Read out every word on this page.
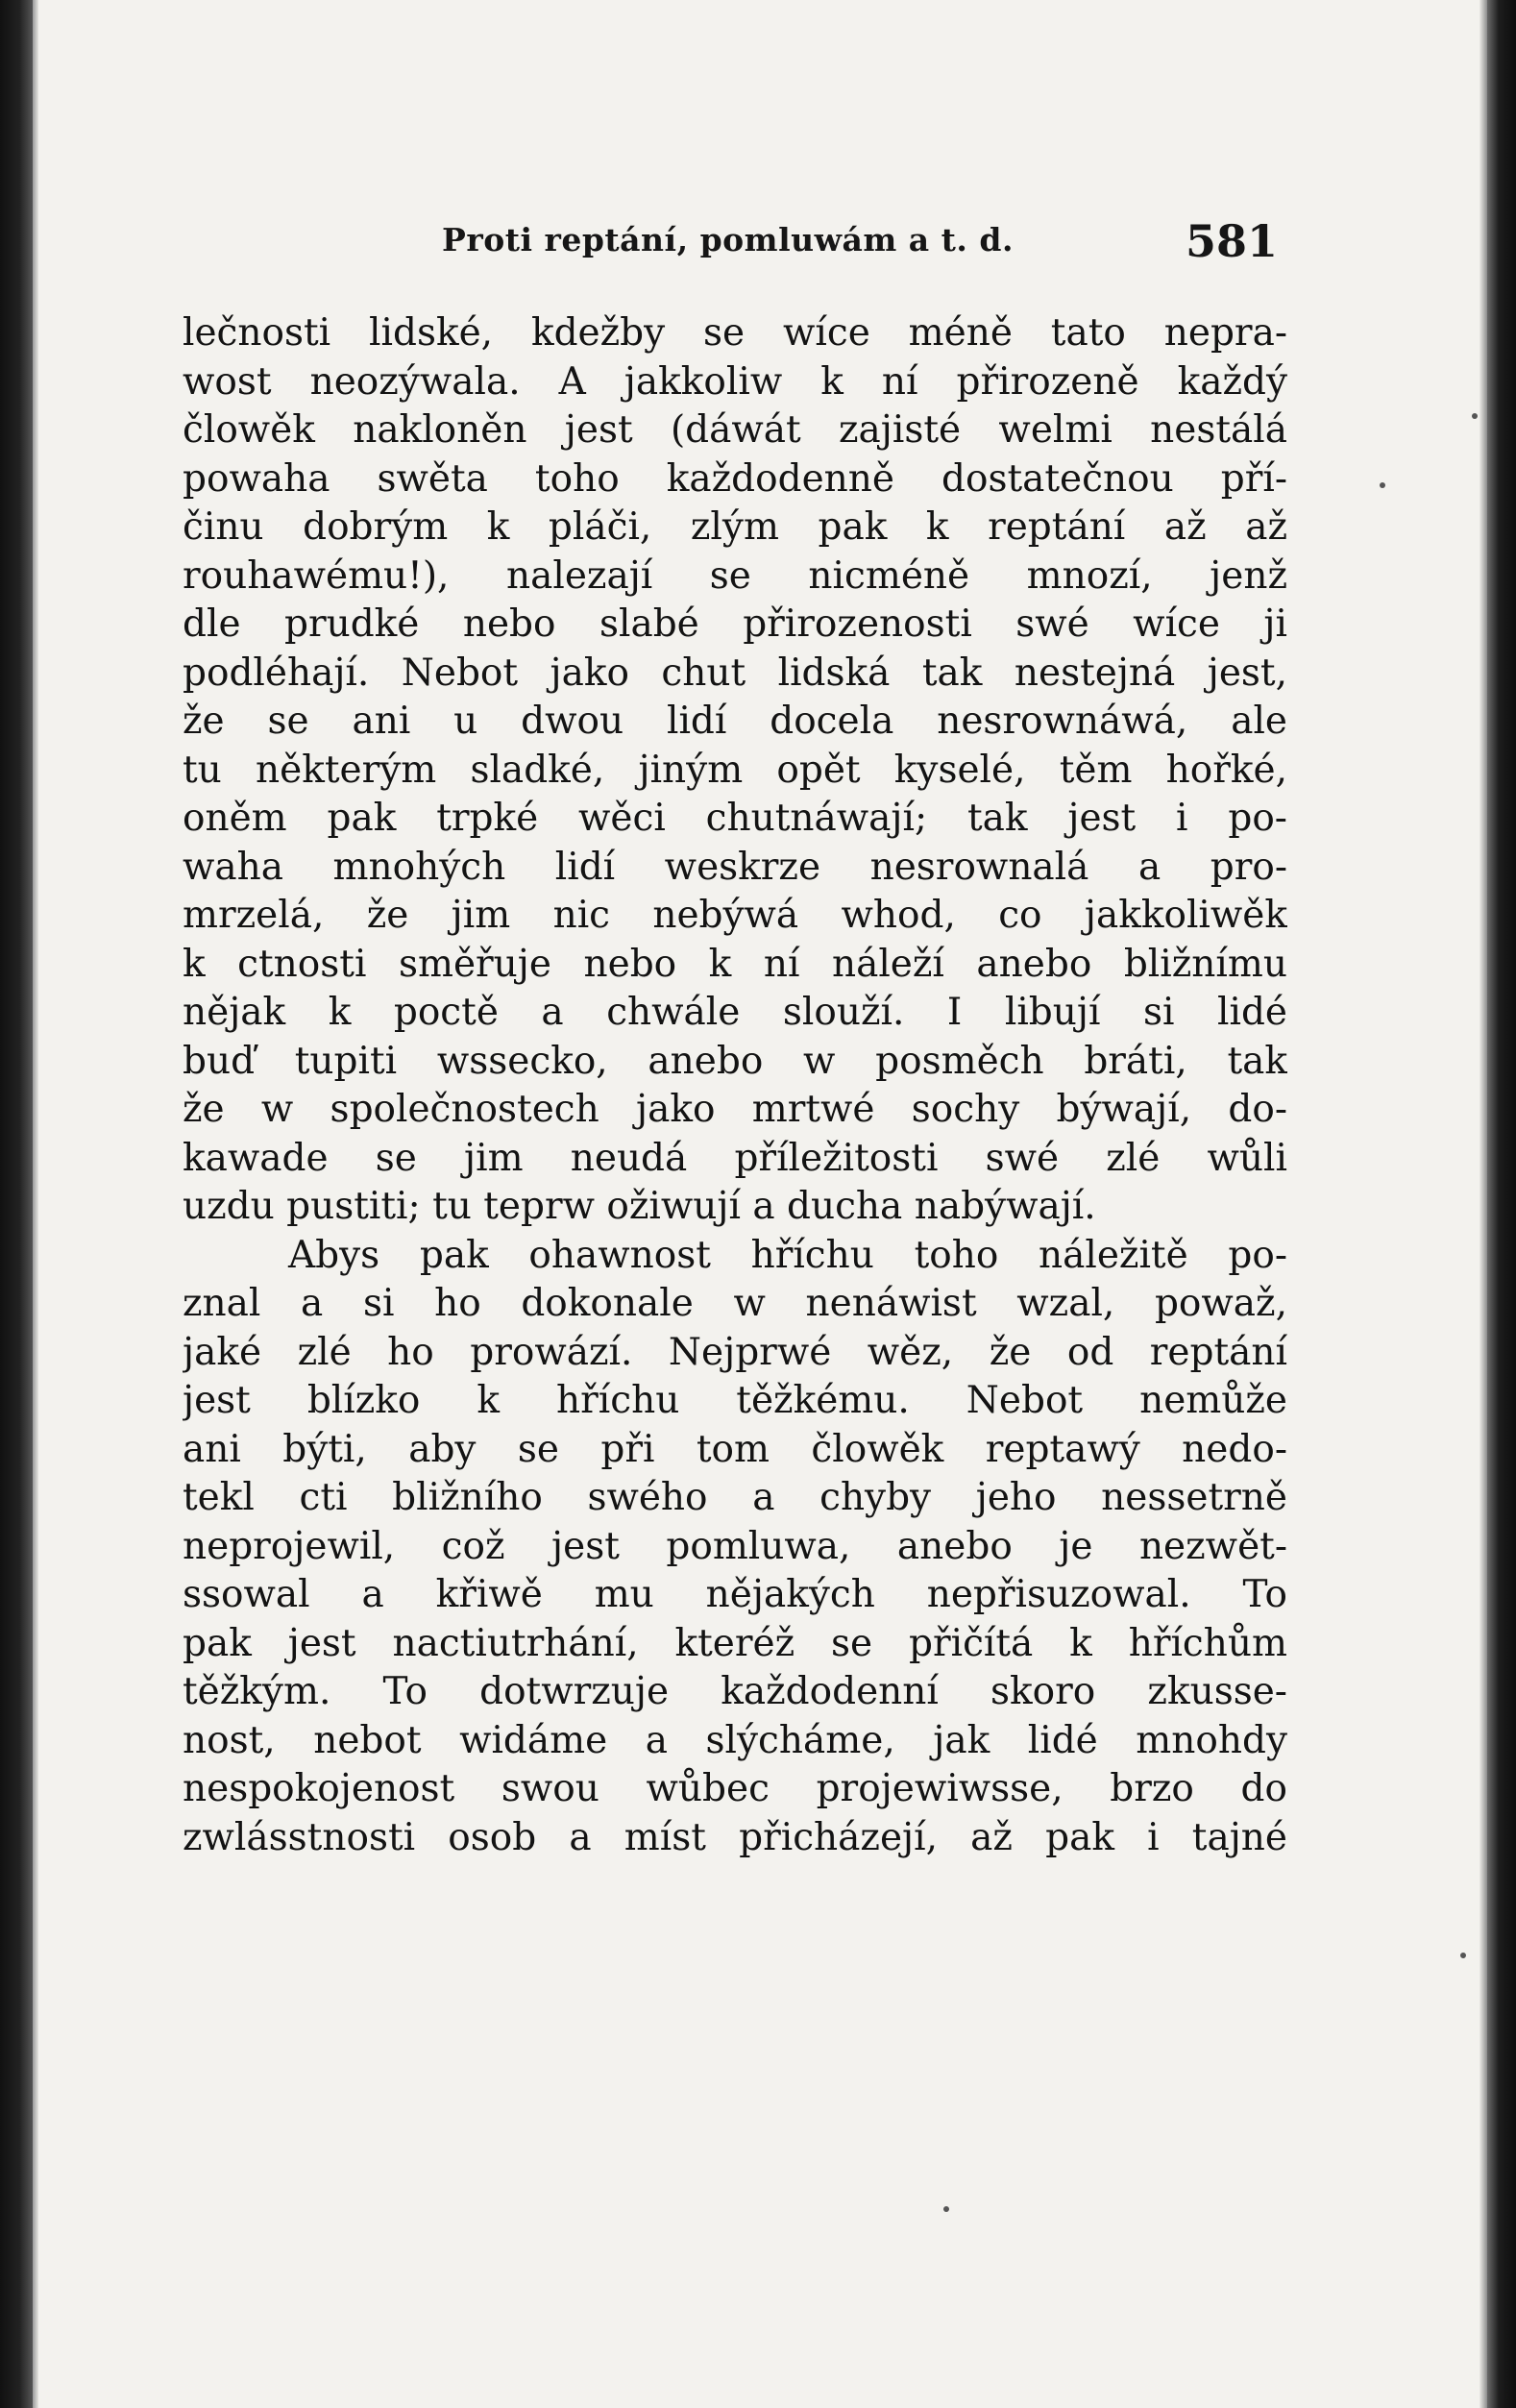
Proti reptání, pomluwám a t. d.	581
lečnosti lidské, kdežby se wíce méně tato nepra-
wost neozýwala. A jakkoliw k ní přirozeně každý
člowěk nakloněn jest (dáwát zajisté welmi nestálá
powaha swěta toho každodenně dostatečnou pří-
činu dobrým k pláči, zlým pak k reptání až až
rouhawému!), nalezají se nicméně mnozí, jenž
dle prudké nebo slabé přirozenosti swé wíce ji
podléhají. Nebot jako chut lidská tak nestejná jest,
že se ani u dwou lidí docela nesrownáwá, ale
tu některým sladké, jiným opět kyselé, těm hořké,
oněm pak trpké wěci chutnáwají; tak jest i po-
waha mnohých lidí weskrze nesrownalá a pro-
mrzelá, že jim nic nebýwá whod, co jakkoliwěk
k ctnosti směřuje nebo k ní náleží anebo bližnímu
nějak k poctě a chwále slouží. I libují si lidé
buď tupiti wssecko, anebo w posměch bráti, tak
že w společnostech jako mrtwé sochy býwají, do-
kawade se jim neudá příležitosti swé zlé wůli
uzdu pustiti; tu teprw ožiwují a ducha nabýwají.
Abys pak ohawnost hříchu toho náležitě po-
znal a si ho dokonale w nenáwist wzal, powaž,
jaké zlé ho prowází. Nejprwé wěz, že od reptání
jest blízko k hříchu těžkému. Nebot nemůže
ani býti, aby se při tom člowěk reptawý nedo-
tekl cti bližního swého a chyby jeho nessetrně
neprojewil, což jest pomluwa, anebo je nezwět-
ssowal a křiwě mu nějakých nepřisuzowal. To
pak jest nactiutrhání, kteréž se přičítá k hříchům
těžkým. To dotwrzuje každodenní skoro zkusse-
nost, nebot widáme a slýcháme, jak lidé mnohdy
nespokojenost swou wůbec projewiwsse, brzo do
zwlásstnosti osob a míst přicházejí, až pak i tajné
